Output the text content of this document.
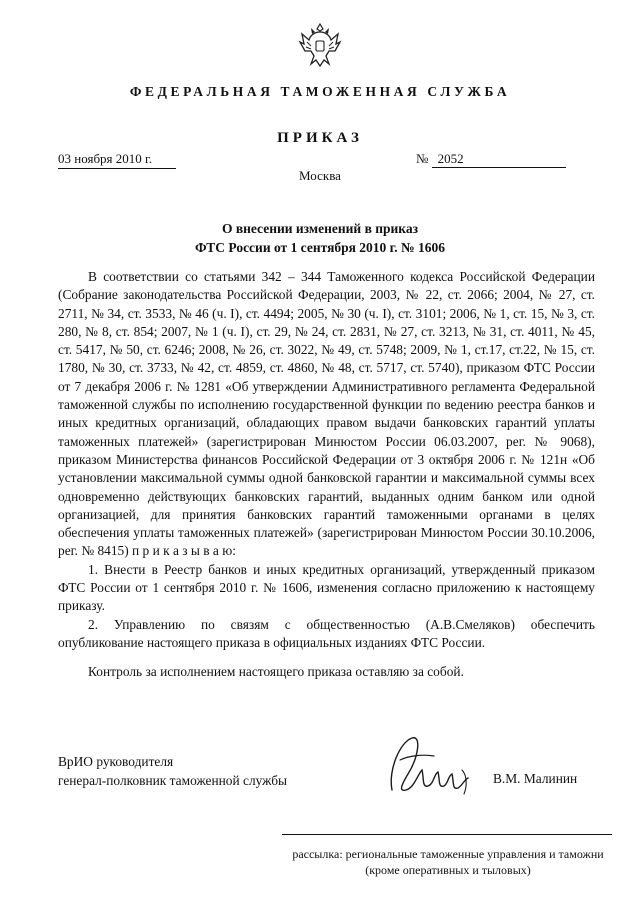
ФЕДЕРАЛЬНАЯ ТАМОЖЕННАЯ СЛУЖБА
ПРИКАЗ
03 ноября 2010 г.	№ 2052
Москва
О внесении изменений в приказ
ФТС России от 1 сентября 2010 г. № 1606

В соответствии со статьями 342 – 344 Таможенного кодекса Российской Федерации (Собрание законодательства Российской Федерации, 2003, № 22, ст. 2066; 2004, № 27, ст. 2711, № 34, ст. 3533, № 46 (ч. I), ст. 4494; 2005, № 30 (ч. I), ст. 3101; 2006, № 1, ст. 15, № 3, ст. 280, № 8, ст. 854; 2007, № 1 (ч. I), ст. 29, № 24, ст. 2831, № 27, ст. 3213, № 31, ст. 4011, № 45, ст. 5417, № 50, ст. 6246; 2008, № 26, ст. 3022, № 49, ст. 5748; 2009, № 1, ст.17, ст.22, № 15, ст. 1780, № 30, ст. 3733, № 42, ст. 4859, ст. 4860, № 48, ст. 5717, ст. 5740), приказом ФТС России от 7 декабря 2006 г. № 1281 «Об утверждении Административного регламента Федеральной таможенной службы по исполнению государственной функции по ведению реестра банков и иных кредитных организаций, обладающих правом выдачи банковских гарантий уплаты таможенных платежей» (зарегистрирован Минюстом России 06.03.2007, рег. № 9068), приказом Министерства финансов Российской Федерации от 3 октября 2006 г. № 121н «Об установлении максимальной суммы одной банковской гарантии и максимальной суммы всех одновременно действующих банковских гарантий, выданных одним банком или одной организацией, для принятия банковских гарантий таможенными органами в целях обеспечения уплаты таможенных платежей» (зарегистрирован Минюстом России 30.10.2006, рег. № 8415) п р и к а з ы в а ю:

1. Внести в Реестр банков и иных кредитных организаций, утвержденный приказом ФТС России от 1 сентября 2010 г. № 1606, изменения согласно приложению к настоящему приказу.

2. Управлению по связям с общественностью (А.В.Смеляков) обеспечить опубликование настоящего приказа в официальных изданиях ФТС России.

Контроль за исполнением настоящего приказа оставляю за собой.

ВрИО руководителя
генерал-полковник таможенной службы	В.М. Малинин
рассылка: региональные таможенные управления и таможни
(кроме оперативных и тыловых)
